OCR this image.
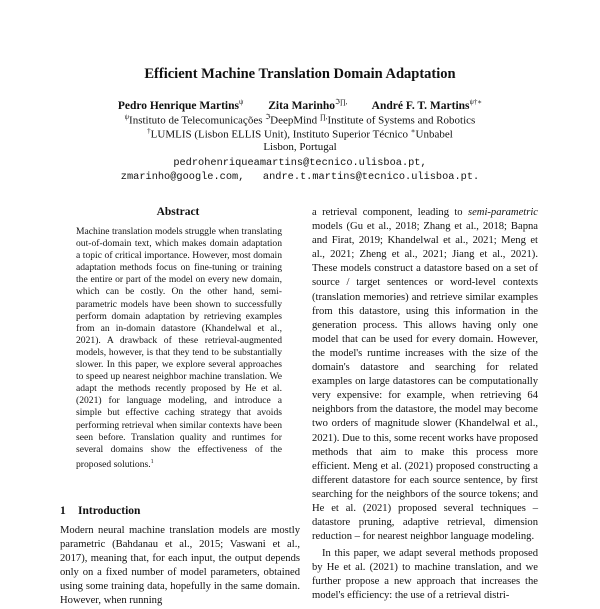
Efficient Machine Translation Domain Adaptation
Pedro Henrique Martins$^\psi$ Zita Marinho$^{ℑ\prod,}$ André F. T. Martins$^{\psi\dagger∗}$
$^\psi$Instituto de Telecomunicações $^ℑ$DeepMind ∏,Institute of Systems and Robotics
†LUMLIS (Lisbon ELLIS Unit), Instituto Superior Técnico ∗Unbabel
Lisbon, Portugal
pedrohenriqueamartins@tecnico.ulisboa.pt,
zmarinho@google.com,   andre.t.martins@tecnico.ulisboa.pt.
Abstract
Machine translation models struggle when translating out-of-domain text, which makes domain adaptation a topic of critical importance. However, most domain adaptation methods focus on fine-tuning or training the entire or part of the model on every new domain, which can be costly. On the other hand, semi-parametric models have been shown to successfully perform domain adaptation by retrieving examples from an in-domain datastore (Khandelwal et al., 2021). A drawback of these retrieval-augmented models, however, is that they tend to be substantially slower. In this paper, we explore several approaches to speed up nearest neighbor machine translation. We adapt the methods recently proposed by He et al. (2021) for language modeling, and introduce a simple but effective caching strategy that avoids performing retrieval when similar contexts have been seen before. Translation quality and runtimes for several domains show the effectiveness of the proposed solutions.$^1$
1 Introduction
Modern neural machine translation models are mostly parametric (Bahdanau et al., 2015; Vaswani et al., 2017), meaning that, for each input, the output depends only on a fixed number of model parameters, obtained using some training data, hopefully in the same domain. However, when running
a retrieval component, leading to semi-parametric models (Gu et al., 2018; Zhang et al., 2018; Bapna and Firat, 2019; Khandelwal et al., 2021; Meng et al., 2021; Zheng et al., 2021; Jiang et al., 2021). These models construct a datastore based on a set of source / target sentences or word-level contexts (translation memories) and retrieve similar examples from this datastore, using this information in the generation process. This allows having only one model that can be used for every domain. However, the model's runtime increases with the size of the domain's datastore and searching for related examples on large datastores can be computationally very expensive: for example, when retrieving 64 neighbors from the datastore, the model may become two orders of magnitude slower (Khandelwal et al., 2021). Due to this, some recent works have proposed methods that aim to make this process more efficient. Meng et al. (2021) proposed constructing a different datastore for each source sentence, by first searching for the neighbors of the source tokens; and He et al. (2021) proposed several techniques – datastore pruning, adaptive retrieval, dimension reduction – for nearest neighbor language modeling.
In this paper, we adapt several methods proposed by He et al. (2021) to machine translation, and we further propose a new approach that increases the model's efficiency: the use of a retrieval distri-
